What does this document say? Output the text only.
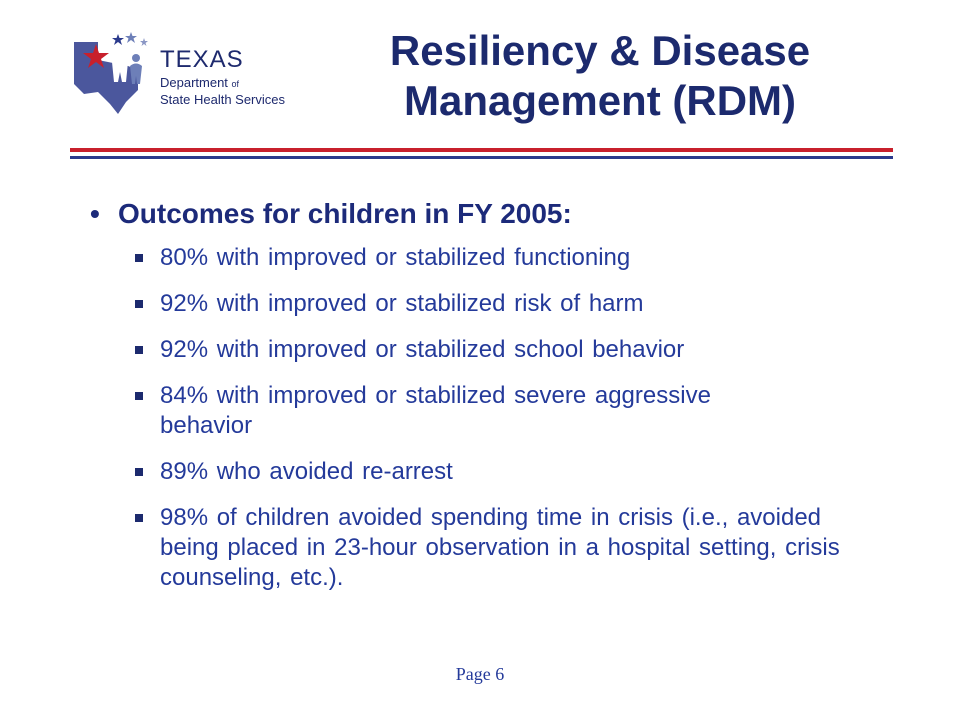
TEXAS
Department of
State Health Services
Resiliency & Disease
Management (RDM)
• Outcomes for children in FY 2005:
80% with improved or stabilized functioning
92% with improved or stabilized risk of harm
92% with improved or stabilized school behavior
84% with improved or stabilized severe aggressive behavior
89% who avoided re-arrest
98% of children avoided spending time in crisis (i.e., avoided being placed in 23-hour observation in a hospital setting, crisis counseling, etc.).
Page 6
